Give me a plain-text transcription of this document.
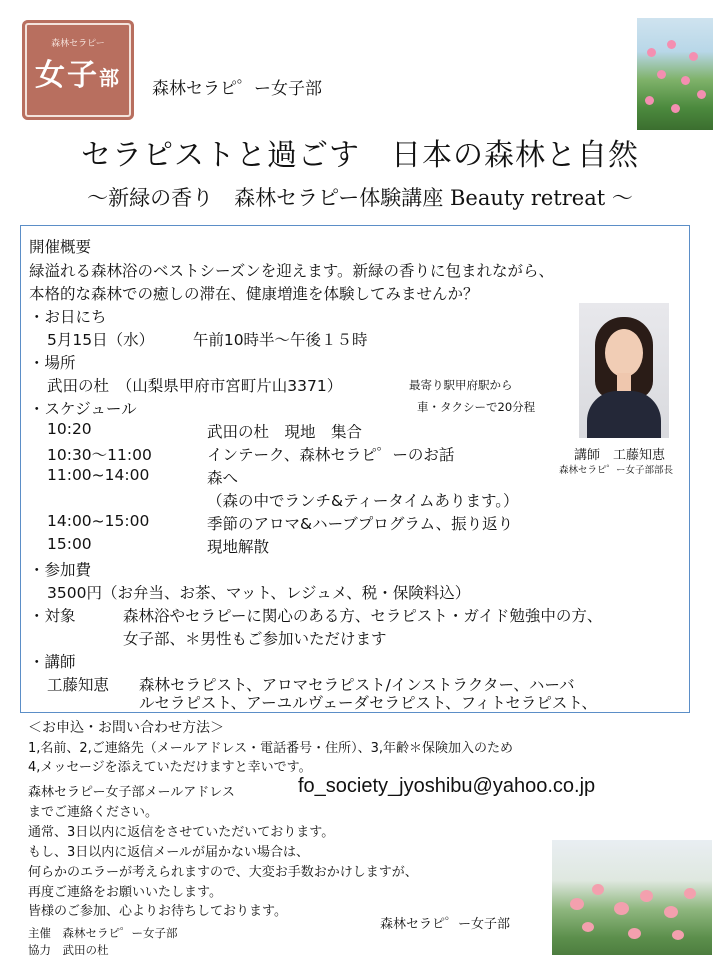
森林セラピー
女子部	森林セラピ゜ー女子部
セラピストと過ごす　日本の森林と自然
～新緑の香り　森林セラピー体験講座 Beauty retreat ～
開催概要
緑溢れる森林浴のベストシーズンを迎えます。新緑の香りに包まれながら、
本格的な森林での癒しの滞在、健康増進を体験してみませんか？
・お日にち
5月15日（水）　　　午前10時半～午後１５時
・場所
武田の杜　（山梨県甲府市宮町片山3371）	最寄り駅甲府駅から
・スケジュール	車・タクシーで20分程
10:20	武田の杜　現地　集合
10:30～11:00	インテーク、森林セラピ゜ーのお話
11:00~14:00	森へ
（森の中でランチ&ティータイムあります。）
14:00~15:00	季節のアロマ&ハーブプログラム、振り返り
15:00	現地解散
・参加費
3500円（お弁当、お茶、マット、レジュメ、税・保険料込）
・対象	森林浴やセラピーに関心のある方、セラピスト・ガイド勉強中の方、
女子部、＊男性もご参加いただけます
・講師
工藤知恵 森林セラピスト、アロマセラピスト/インストラクター、ハーバ
ルセラピスト、アーユルヴェーダセラピスト、フィトセラピスト、
講師　工藤知恵
森林セラピ゜ー女子部部長
＜お申込・お問い合わせ方法＞
1,名前、2,ご連絡先（メールアドレス・電話番号・住所）、3,年齢＊保険加入のため
4,メッセージを添えていただけますと幸いです。
森林セラピー女子部メールアドレス	fo_society_jyoshibu@yahoo.co.jp
までご連絡ください。
通常、3日以内に返信をさせていただいております。
もし、3日以内に返信メールが届かない場合は、
何らかのエラーが考えられますので、大変お手数おかけしますが、
再度ご連絡をお願いいたします。
皆様のご参加、心よりお待ちしております。
森林セラピ゜ー女子部
主催　森林セラピ゜ー女子部
協力　武田の杜
